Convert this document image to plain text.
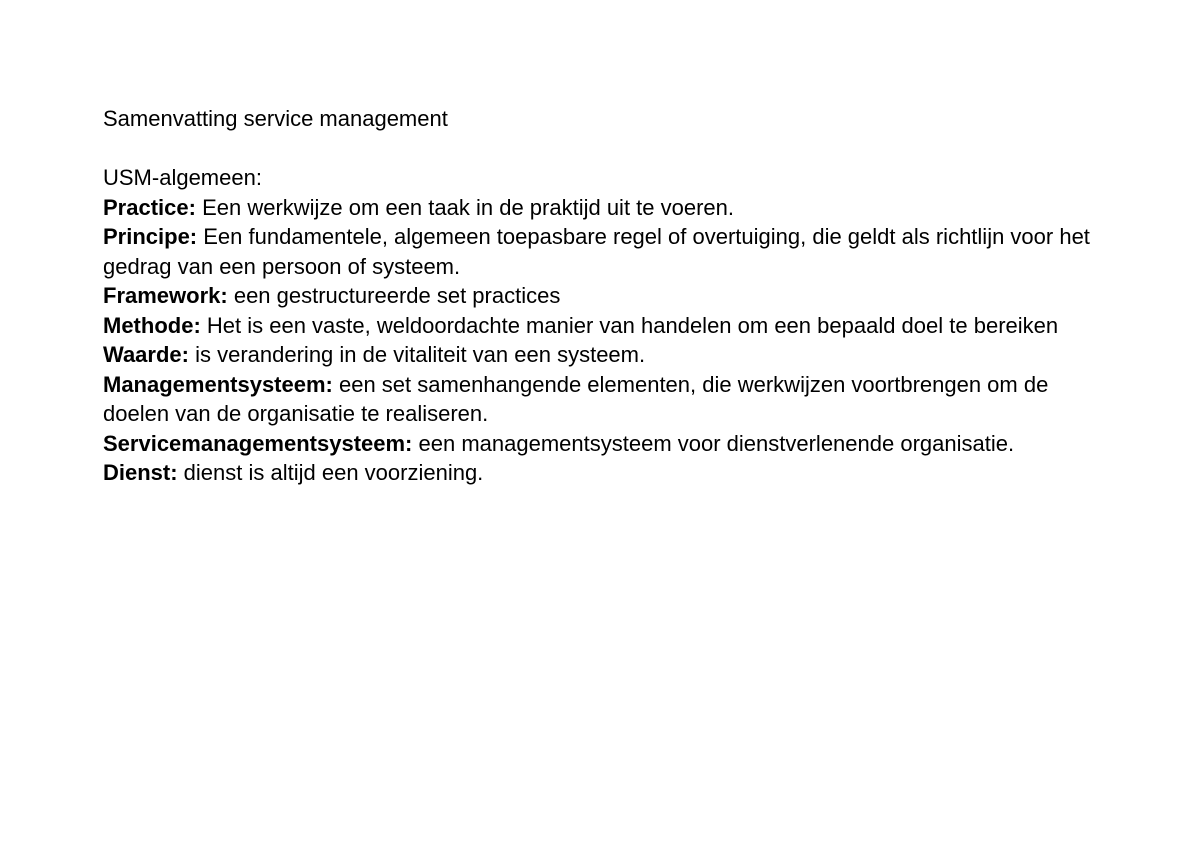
Samenvatting service management

USM-algemeen:

Practice: Een werkwijze om een taak in de praktijd uit te voeren.

Principe: Een fundamentele, algemeen toepasbare regel of overtuiging, die geldt als richtlijn voor het gedrag van een persoon of systeem.

Framework: een gestructureerde set practices

Methode: Het is een vaste, weldoordachte manier van handelen om een bepaald doel te bereiken

Waarde: is verandering in de vitaliteit van een systeem.

Managementsysteem: een set samenhangende elementen, die werkwijzen voortbrengen om de doelen van de organisatie te realiseren.

Servicemanagementsysteem: een managementsysteem voor dienstverlenende organisatie.

Dienst: dienst is altijd een voorziening.
